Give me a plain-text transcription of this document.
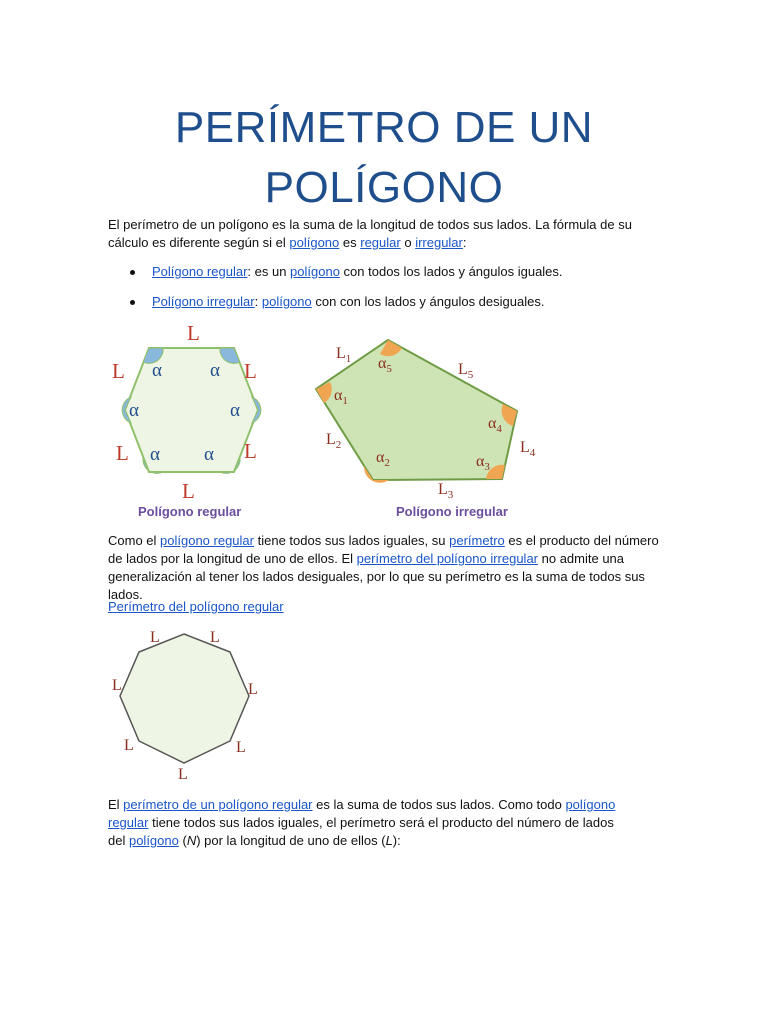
PERÍMETRO DE UN
POLÍGONO

El perímetro de un polígono es la suma de la longitud de todos sus lados. La fórmula de su cálculo es diferente según si el polígono es regular o irregular:

Polígono regular: es un polígono con todos los lados y ángulos iguales.
Polígono irregular: polígono con con los lados y ángulos desiguales.
L
L	L
L	L
L
α	α
α	α
α α
Polígono regular
$L_1$
$L_5$
$L_2$	$L_4$
$L_3$
$\alpha_5$
$\alpha_1$
$\alpha_4$
$\alpha_2$	$\alpha_3$
Polígono irregular

Como el polígono regular tiene todos sus lados iguales, su perímetro es el producto del número de lados por la longitud de uno de ellos. El perímetro del polígono irregular no admite una generalización al tener los lados desiguales, por lo que su perímetro es la suma de todos sus lados.

Perímetro del polígono regular
L	L
L	L
L	L
L

El perímetro de un polígono regular es la suma de todos sus lados. Como todo polígono regular tiene todos sus lados iguales, el perímetro será el producto del número de lados del polígono (N) por la longitud de uno de ellos (L):
